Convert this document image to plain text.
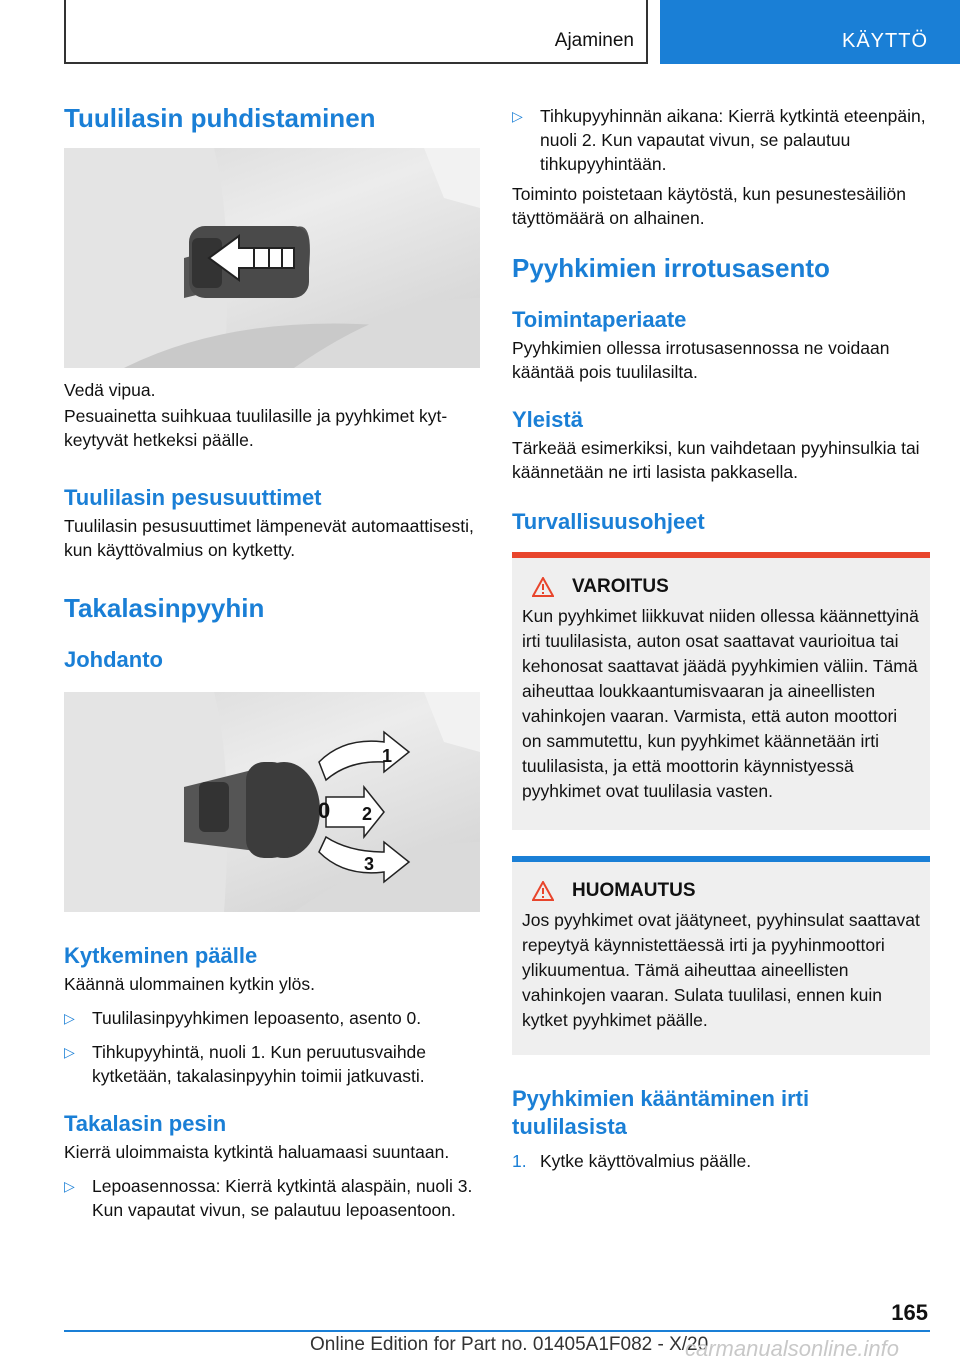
Ajaminen	KÄYTTÖ
Tuulilasin puhdistaminen

Vedä vipua.

Pesuainetta suihkuaa tuulilasille ja pyyhkimet kytkeytyvät hetkeksi päälle.

Tuulilasin pesusuuttimet

Tuulilasin pesusuuttimet lämpenevät automaattisesti, kun käyttövalmius on kytketty.

Takalasinpyyhin
Johdanto
1
0 2
3
Kytkeminen päälle

Käännä ulommainen kytkin ylös.

▷ Tuulilasinpyyhkimen lepoasento, asento 0.
▷ Tihkupyyhintä, nuoli 1. Kun peruutusvaihde kytketään, takalasinpyyhin toimii jatkuvasti.
Takalasin pesin

Kierrä uloimmaista kytkintä haluamaasi suuntaan.

▷ Lepoasennossa: Kierrä kytkintä alaspäin, nuoli 3. Kun vapautat vivun, se palautuu lepoasentoon.
▷ Tihkupyyhinnän aikana: Kierrä kytkintä eteenpäin, nuoli 2. Kun vapautat vivun, se palautuu tihkupyyhintään.

Toiminto poistetaan käytöstä, kun pesunestesäiliön täyttömäärä on alhainen.

Pyyhkimien irrotusasento
Toimintaperiaate

Pyyhkimien ollessa irrotusasennossa ne voidaan kääntää pois tuulilasilta.

Yleistä

Tärkeää esimerkiksi, kun vaihdetaan pyyhinsulkia tai käännetään ne irti lasista pakkasella.

Turvallisuusohjeet
VAROITUS

Kun pyyhkimet liikkuvat niiden ollessa käännettyinä irti tuulilasista, auton osat saattavat vaurioitua tai kehonosat saattavat jäädä pyyhkimien väliin. Tämä aiheuttaa loukkaantumisvaaran ja aineellisten vahinkojen vaaran. Varmista, että auton moottori on sammutettu, kun pyyhkimet käännetään irti tuulilasista, ja että moottorin käynnistyessä pyyhkimet ovat tuulilasia vasten.

HUOMAUTUS

Jos pyyhkimet ovat jäätyneet, pyyhinsulat saattavat repeytyä käynnistettäessä irti ja pyyhinmoottori ylikuumentua. Tämä aiheuttaa aineellisten vahinkojen vaaran. Sulata tuulilasi, ennen kuin kytket pyyhkimet päälle.

Pyyhkimien kääntäminen irti tuulilasista
1. Kytke käyttövalmius päälle.
165
Online Edition for Part no. 01405A1F082 - X/20
carmanualsonline.info
